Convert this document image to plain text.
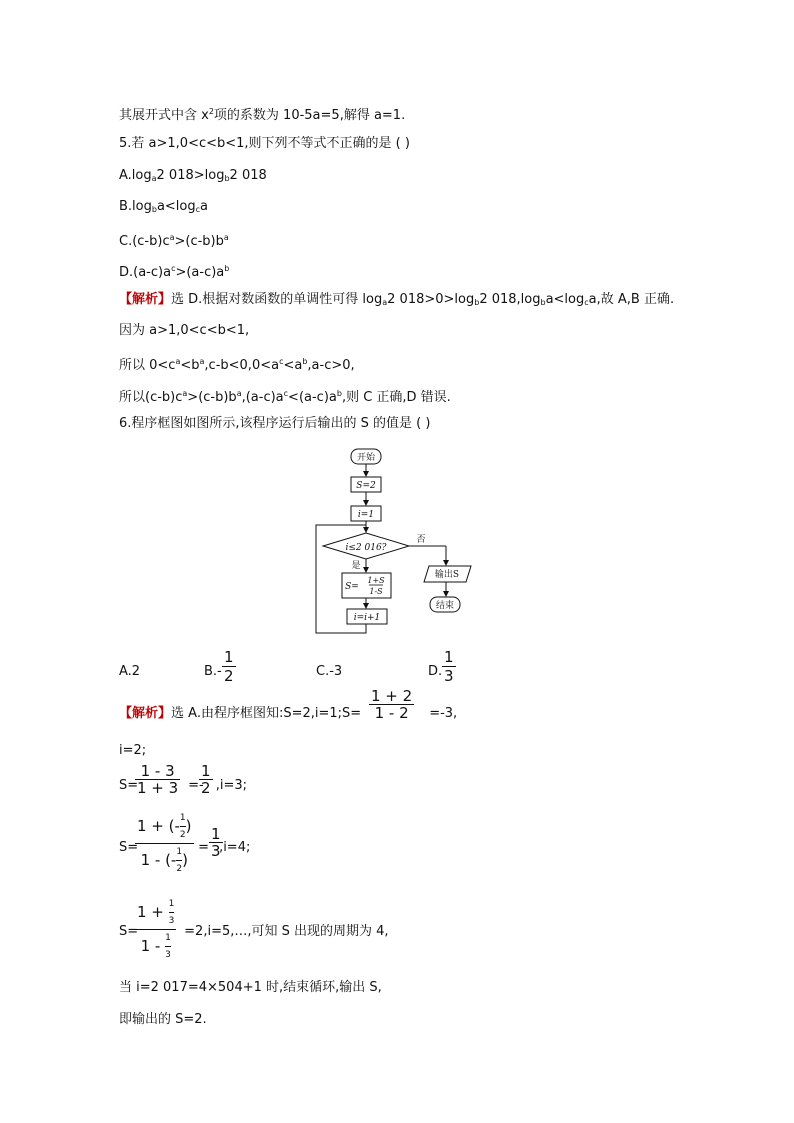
其展开式中含 $x^2$项的系数为 10-5a=5,解得 a=1.
5.若 a>1,0<c<b<1,则下列不等式不正确的是 ( )
$A.\log_a2$ $018>\log_b2$ 018
$B.\log_ba<\log_ca$
$C.(c-b)c^a>(c-b)b^a$
$D.(a-c)a^c>(a-c)a^b$
【解析】选 D.根据对数函数的单调性可得 $\log_a2$ $018>0>\log_b2$ $018,\log_ba<\log_ca$,故 A,B 正确.
因为 a>1,0<c<b<1,
所以 $0<c^a<b^a,c-b<0,0<a^c<a^b,a-c>0$,
所以$(c-b)c^a>(c-b)b^a,(a-c)a^c<(a-c)a^b$,则 C 正确,D 错误.
6.程序框图如图所示,该程序运行后输出的 S 的值是 ( )
开始
S=2
i=1
i≤2 016?
否
是
S=
1+S
1-S
i=i+1
输出S
结束
A.2	$B.- \frac{1}{2}$	C.-3	D. $\frac{1}{3}$
【解析】选 A.由程序框图知:S=2,i=1;S=	=-3,
$\frac{1 + 2}{1 - 2}$
i=2;
S=	=- ,i=3;
$\frac{1 - 3}{1 + 3} \frac{1}{2}$
S=	= ,i=4;
$\frac{1 + (- \frac{1}{2} )}{1 - (- \frac{1}{2} )} \frac{1}{3}$
S=	=2,i=5,…,可知 S 出现的周期为 4,
$\frac{1 + \frac{1}{3}}{1 - \frac{1}{3}}$
当 i=2 017=4×504+1 时,结束循环,输出 S,
即输出的 S=2.
